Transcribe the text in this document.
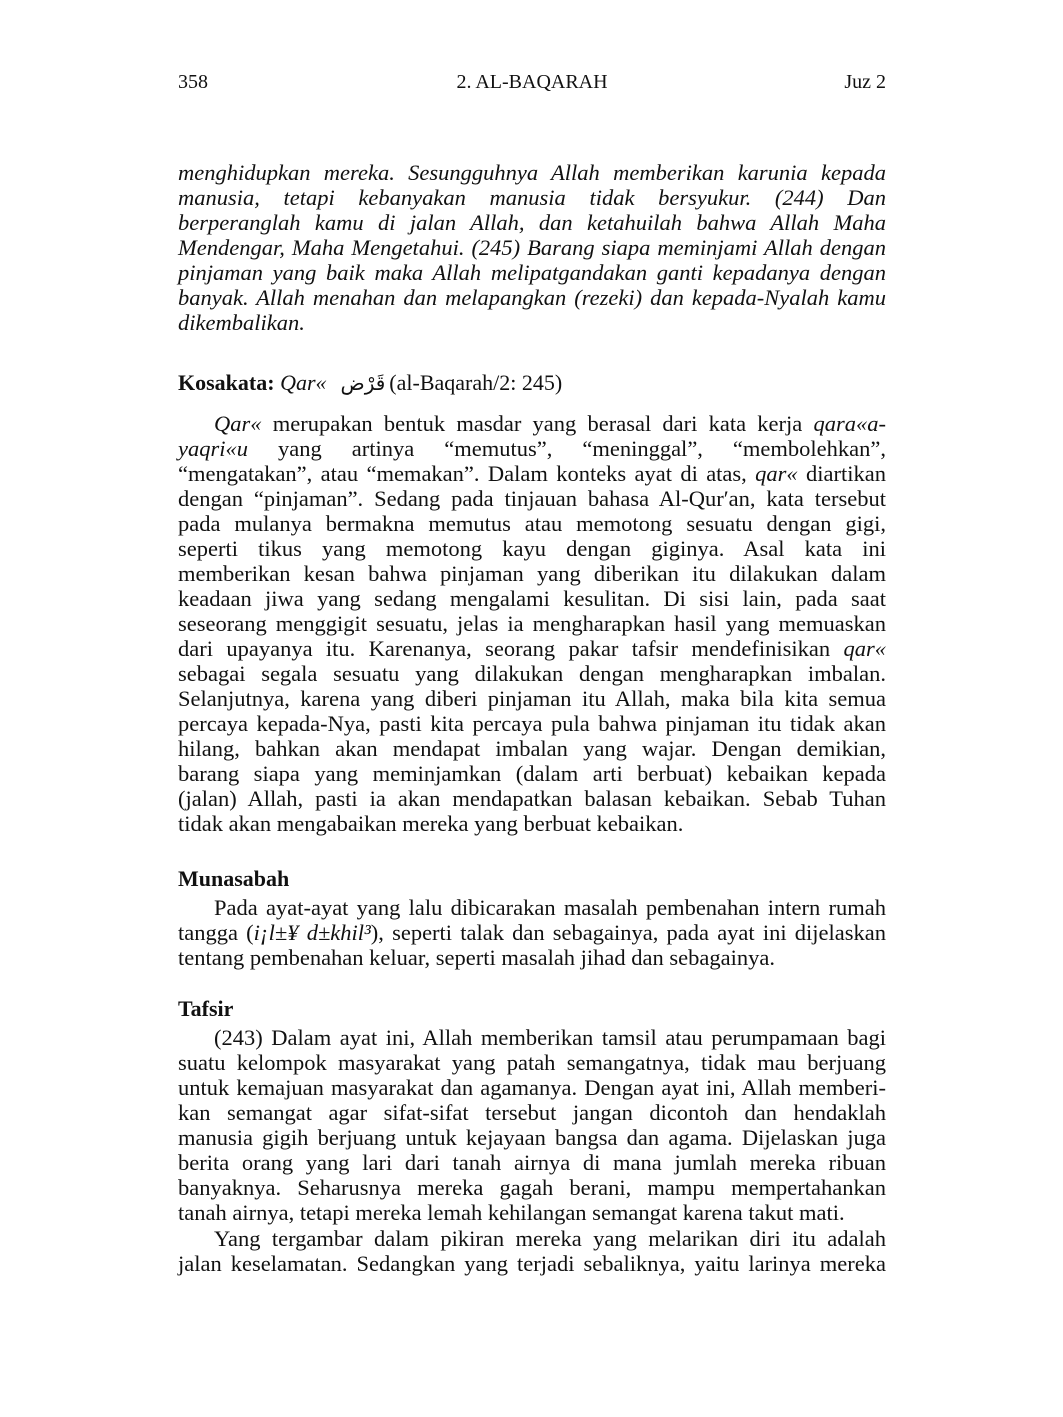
358	2. AL-BAQARAH	Juz 2
menghidupkan mereka. Sesungguhnya Allah memberikan karunia kepada
manusia, tetapi kebanyakan manusia tidak bersyukur. (244) Dan
berperanglah kamu di jalan Allah, dan ketahuilah bahwa Allah Maha
Mendengar, Maha Mengetahui. (245) Barang siapa meminjami Allah dengan
pinjaman yang baik maka Allah melipatgandakan ganti kepadanya dengan
banyak. Allah menahan dan melapangkan (rezeki) dan kepada-Nyalah kamu
dikembalikan.
Kosakata: Qar« قَرْض (al-Baqarah/2: 245)
Qar« merupakan bentuk masdar yang berasal dari kata kerja qara«a-
yaqri«u yang artinya “memutus”, “meninggal”, “membolehkan”,
“mengatakan”, atau “memakan”. Dalam konteks ayat di atas, qar« diartikan
dengan “pinjaman”. Sedang pada tinjauan bahasa Al-Qur′an, kata tersebut
pada mulanya bermakna memutus atau memotong sesuatu dengan gigi,
seperti tikus yang memotong kayu dengan giginya. Asal kata ini
memberikan kesan bahwa pinjaman yang diberikan itu dilakukan dalam
keadaan jiwa yang sedang mengalami kesulitan. Di sisi lain, pada saat
seseorang menggigit sesuatu, jelas ia mengharapkan hasil yang memuaskan
dari upayanya itu. Karenanya, seorang pakar tafsir mendefinisikan qar«
sebagai segala sesuatu yang dilakukan dengan mengharapkan imbalan.
Selanjutnya, karena yang diberi pinjaman itu Allah, maka bila kita semua
percaya kepada-Nya, pasti kita percaya pula bahwa pinjaman itu tidak akan
hilang, bahkan akan mendapat imbalan yang wajar. Dengan demikian,
barang siapa yang meminjamkan (dalam arti berbuat) kebaikan kepada
(jalan) Allah, pasti ia akan mendapatkan balasan kebaikan. Sebab Tuhan
tidak akan mengabaikan mereka yang berbuat kebaikan.
Munasabah
Pada ayat-ayat yang lalu dibicarakan masalah pembenahan intern rumah
tangga (i¡l±¥ d±khil³), seperti talak dan sebagainya, pada ayat ini dijelaskan
tentang pembenahan keluar, seperti masalah jihad dan sebagainya.
Tafsir
(243) Dalam ayat ini, Allah memberikan tamsil atau perumpamaan bagi
suatu kelompok masyarakat yang patah semangatnya, tidak mau berjuang
untuk kemajuan masyarakat dan agamanya. Dengan ayat ini, Allah memberi-
kan semangat agar sifat-sifat tersebut jangan dicontoh dan hendaklah
manusia gigih berjuang untuk kejayaan bangsa dan agama. Dijelaskan juga
berita orang yang lari dari tanah airnya di mana jumlah mereka ribuan
banyaknya. Seharusnya mereka gagah berani, mampu mempertahankan
tanah airnya, tetapi mereka lemah kehilangan semangat karena takut mati.
Yang tergambar dalam pikiran mereka yang melarikan diri itu adalah
jalan keselamatan. Sedangkan yang terjadi sebaliknya, yaitu larinya mereka
